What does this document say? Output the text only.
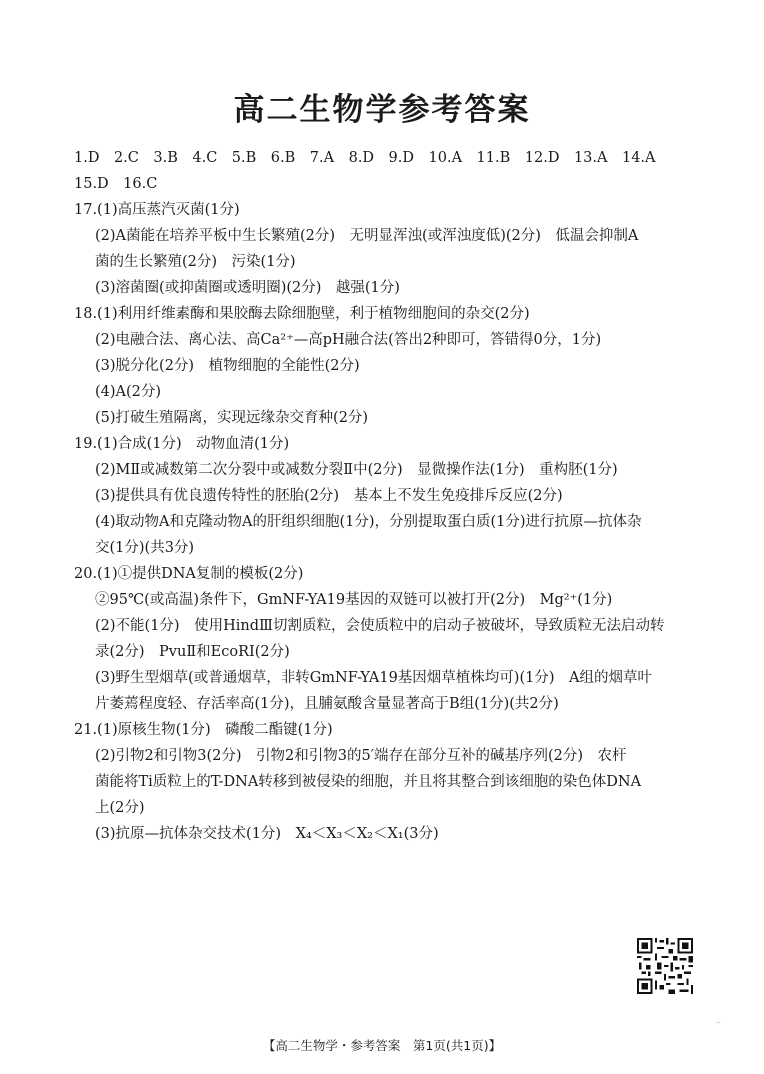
高二生物学参考答案
1.D　2.C　3.B　4.C　5.B　6.B　7.A　8.D　9.D　10.A　11.B　12.D　13.A　14.A
15.D　16.C
17.(1)高压蒸汽灭菌(1分)
(2)A菌能在培养平板中生长繁殖(2分)　无明显浑浊(或浑浊度低)(2分)　低温会抑制A
菌的生长繁殖(2分)　污染(1分)
(3)溶菌圈(或抑菌圈或透明圈)(2分)　越强(1分)
18.(1)利用纤维素酶和果胶酶去除细胞壁，利于植物细胞间的杂交(2分)
(2)电融合法、离心法、高Ca²⁺—高pH融合法(答出2种即可，答错得0分，1分)
(3)脱分化(2分)　植物细胞的全能性(2分)
(4)A(2分)
(5)打破生殖隔离，实现远缘杂交育种(2分)
19.(1)合成(1分)　动物血清(1分)
(2)MⅡ或减数第二次分裂中或减数分裂Ⅱ中(2分)　显微操作法(1分)　重构胚(1分)
(3)提供具有优良遗传特性的胚胎(2分)　基本上不发生免疫排斥反应(2分)
(4)取动物A和克隆动物A的肝组织细胞(1分)，分别提取蛋白质(1分)进行抗原—抗体杂
交(1分)(共3分)
20.(1)①提供DNA复制的模板(2分)
②95℃(或高温)条件下，GmNF-YA19基因的双链可以被打开(2分)　Mg²⁺(1分)
(2)不能(1分)　使用HindⅢ切割质粒，会使质粒中的启动子被破坏，导致质粒无法启动转
录(2分)　PvuⅡ和EcoRⅠ(2分)
(3)野生型烟草(或普通烟草，非转GmNF-YA19基因烟草植株均可)(1分)　A组的烟草叶
片萎蔫程度轻、存活率高(1分)，且脯氨酸含量显著高于B组(1分)(共2分)
21.(1)原核生物(1分)　磷酸二酯键(1分)
(2)引物2和引物3(2分)　引物2和引物3的5′端存在部分互补的碱基序列(2分)　农杆
菌能将Ti质粒上的T-DNA转移到被侵染的细胞，并且将其整合到该细胞的染色体DNA
上(2分)
(3)抗原—抗体杂交技术(1分)　X₄＜X₃＜X₂＜X₁(3分)
..
【高二生物学・参考答案　第1页(共1页)】
